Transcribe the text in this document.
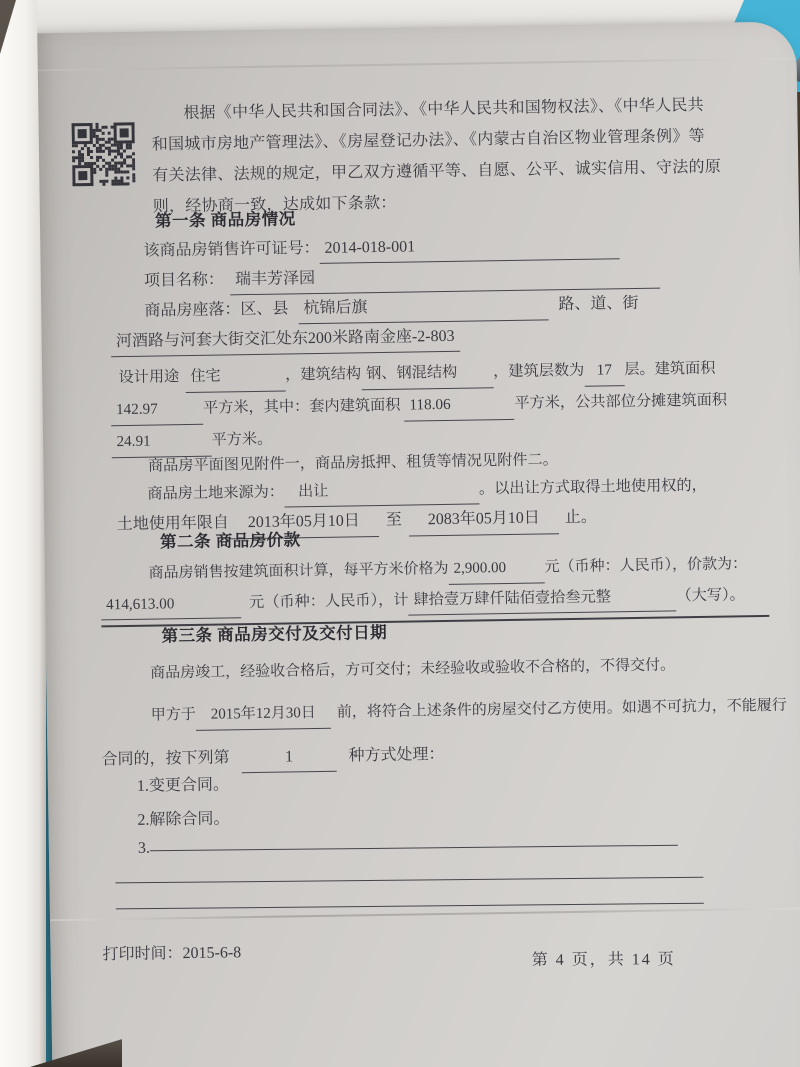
根据《中华人民共和国合同法》、《中华人民共和国物权法》、《中华人民共
和国城市房地产管理法》、《房屋登记办法》、《内蒙古自治区物业管理条例》等
有关法律、法规的规定，甲乙双方遵循平等、自愿、公平、诚实信用、守法的原
则，经协商一致，达成如下条款：
第一条 商品房情况
该商品房销售许可证号： 2014-018-001
项目名称： 瑞丰芳泽园
商品房座落：区、县 杭锦后旗	路、道、街
河酒路与河套大街交汇处东200米路南金座-2-803
设计用途 住宅	，建筑结构 钢、钢混结构 ，建筑层数为 17 层。建筑面积
142.97	平方米，其中：套内建筑面积 118.06	平方米，公共部位分摊建筑面积
24.91	平方米。
商品房平面图见附件一，商品房抵押、租赁等情况见附件二。
商品房土地来源为： 出让	。以出让方式取得土地使用权的，
土地使用年限自 2013年05月10日 至 2083年05月10日 止。
第二条 商品房价款
商品房销售按建筑面积计算，每平方米价格为 2,900.00	元（币种：人民币），价款为：
414,613.00	元（币种：人民币），计 肆拾壹万肆仟陆佰壹拾叁元整	（大写）。
第三条 商品房交付及交付日期
商品房竣工，经验收合格后，方可交付；未经验收或验收不合格的，不得交付。
甲方于 2015年12月30日 前，将符合上述条件的房屋交付乙方使用。如遇不可抗力，不能履行
合同的，按下列第	1	种方式处理：
1.变更合同。
2.解除合同。
3.
打印时间：2015-6-8	第 4 页，共 14 页
